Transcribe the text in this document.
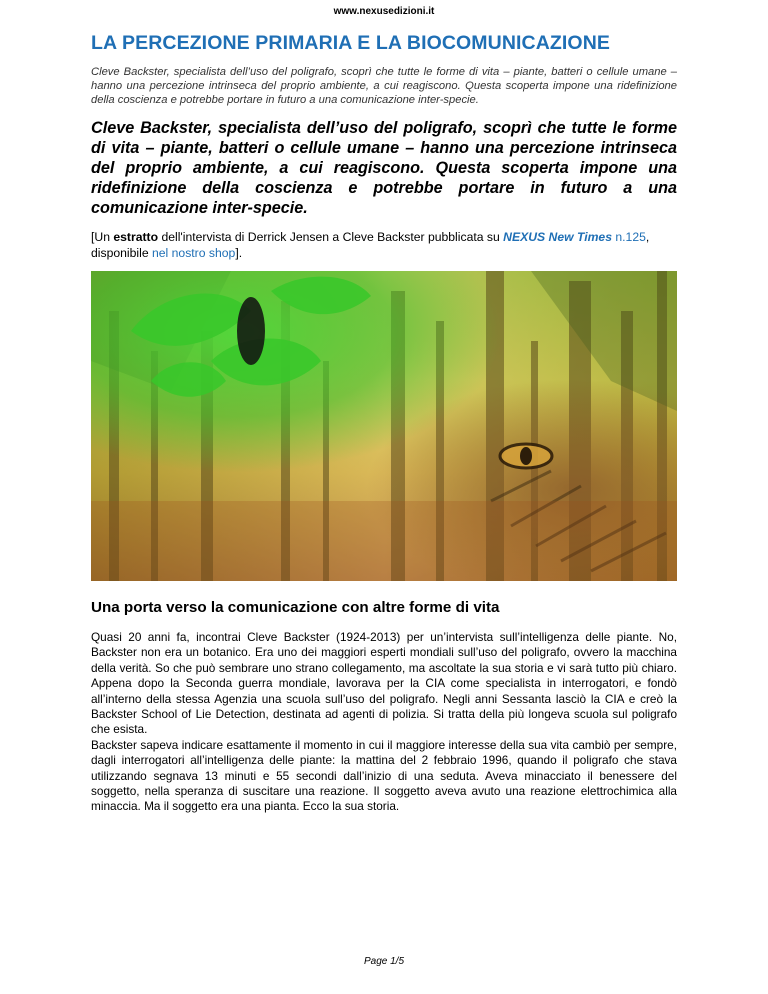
www.nexusedizioni.it
LA PERCEZIONE PRIMARIA E LA BIOCOMUNICAZIONE

Cleve Backster, specialista dell’uso del poligrafo, scoprì che tutte le forme di vita – piante, batteri o cellule umane – hanno una percezione intrinseca del proprio ambiente, a cui reagiscono. Questa scoperta impone una ridefinizione della coscienza e potrebbe portare in futuro a una comunicazione inter-specie.

Cleve Backster, specialista dell’uso del poligrafo, scoprì che tutte le forme di vita – piante, batteri o cellule umane – hanno una percezione intrinseca del proprio ambiente, a cui reagiscono. Questa scoperta impone una ridefinizione della coscienza e potrebbe portare in futuro a una comunicazione inter-specie.

[Un estratto dell'intervista di Derrick Jensen a Cleve Backster pubblicata su NEXUS New Times n.125, disponibile nel nostro shop].

Una porta verso la comunicazione con altre forme di vita

Quasi 20 anni fa, incontrai Cleve Backster (1924-2013) per un’intervista sull’intelligenza delle piante. No, Backster non era un botanico. Era uno dei maggiori esperti mondiali sull’uso del poligrafo, ovvero la macchina della verità. So che può sembrare uno strano collegamento, ma ascoltate la sua storia e vi sarà tutto più chiaro. Appena dopo la Seconda guerra mondiale, lavorava per la CIA come specialista in interrogatori, e fondò all’interno della stessa Agenzia una scuola sull’uso del poligrafo. Negli anni Sessanta lasciò la CIA e creò la Backster School of Lie Detection, destinata ad agenti di polizia. Si tratta della più longeva scuola sul poligrafo che esista.

Backster sapeva indicare esattamente il momento in cui il maggiore interesse della sua vita cambiò per sempre, dagli interrogatori all’intelligenza delle piante: la mattina del 2 febbraio 1996, quando il poligrafo che stava utilizzando segnava 13 minuti e 55 secondi dall’inizio di una seduta. Aveva minacciato il benessere del soggetto, nella speranza di suscitare una reazione. Il soggetto aveva avuto una reazione elettrochimica alla minaccia. Ma il soggetto era una pianta. Ecco la sua storia.

Page 1/5
